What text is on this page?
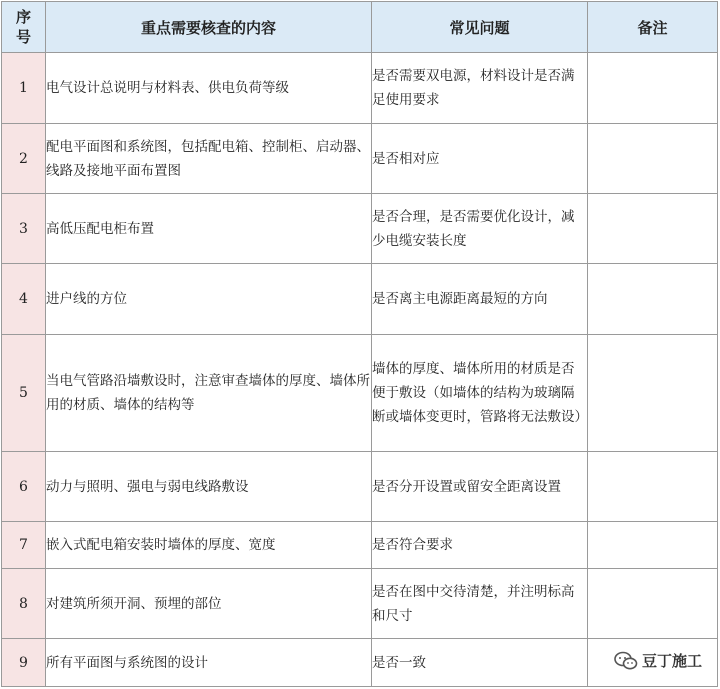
序号	重点需要核查的内容	常见问题	备注
1	电气设计总说明与材料表、供电负荷等级	是否需要双电源，材料设计是否满足使用要求	
2	配电平面图和系统图，包括配电箱、控制柜、启动器、线路及接地平面布置图	是否相对应	
3	高低压配电柜布置	是否合理，是否需要优化设计，减少电缆安装长度	
4	进户线的方位	是否离主电源距离最短的方向	
5	当电气管路沿墙敷设时，注意审查墙体的厚度、墙体所用的材质、墙体的结构等	墙体的厚度、墙体所用的材质是否便于敷设（如墙体的结构为玻璃隔断或墙体变更时，管路将无法敷设）	
6	动力与照明、强电与弱电线路敷设	是否分开设置或留安全距离设置	
7	嵌入式配电箱安装时墙体的厚度、宽度	是否符合要求	
8	对建筑所须开洞、预埋的部位	是否在图中交待清楚，并注明标高和尺寸	
9	所有平面图与系统图的设计	是否一致		豆丁施工
